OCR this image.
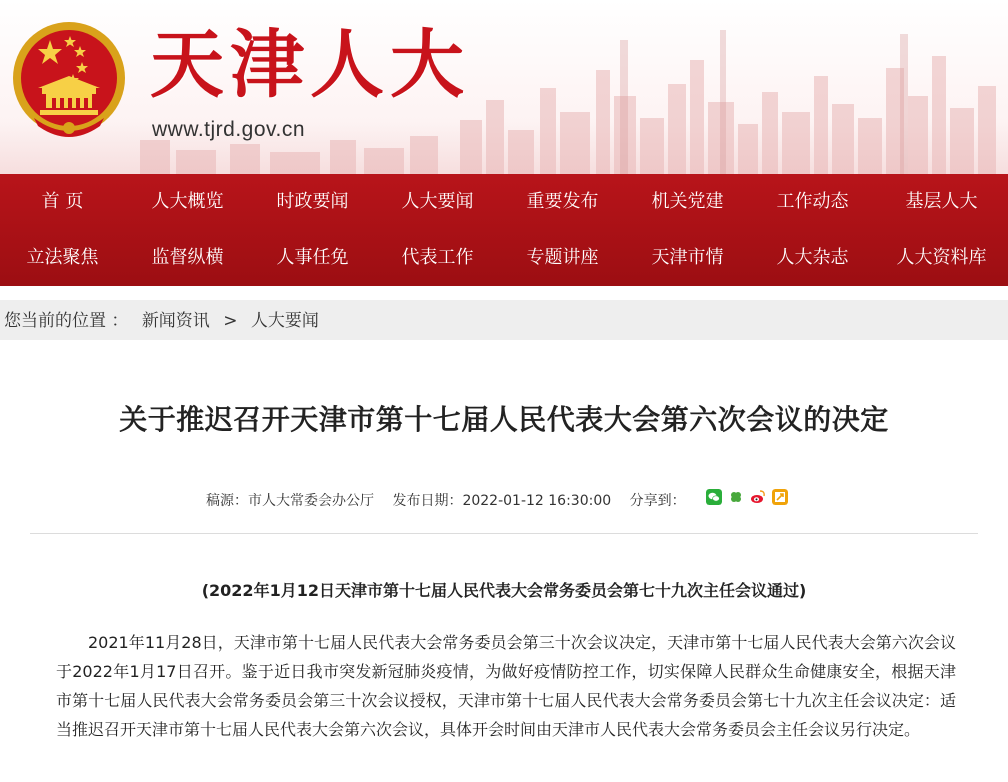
天津人大
www.tjrd.gov.cn
首 页	人大概览	时政要闻	人大要闻	重要发布	机关党建	工作动态	基层人大
立法聚焦	监督纵横	人事任免	代表工作	专题讲座	天津市情	人大杂志	人大资料库
您当前的位置 ： 新闻资讯 > 人大要闻
关于推迟召开天津市第十七届人民代表大会第六次会议的决定
稿源：市人大常委会办公厅 发布日期：2022-01-12 16:30:00 分享到：
(2022年1月12日天津市第十七届人民代表大会常务委员会第七十九次主任会议通过)

2021年11月28日，天津市第十七届人民代表大会常务委员会第三十次会议决定，天津市第十七届人民代表大会第六次会议于2022年1月17日召开。鉴于近日我市突发新冠肺炎疫情，为做好疫情防控工作，切实保障人民群众生命健康安全，根据天津市第十七届人民代表大会常务委员会第三十次会议授权，天津市第十七届人民代表大会常务委员会第七十九次主任会议决定：适当推迟召开天津市第十七届人民代表大会第六次会议，具体开会时间由天津市人民代表大会常务委员会主任会议另行决定。
